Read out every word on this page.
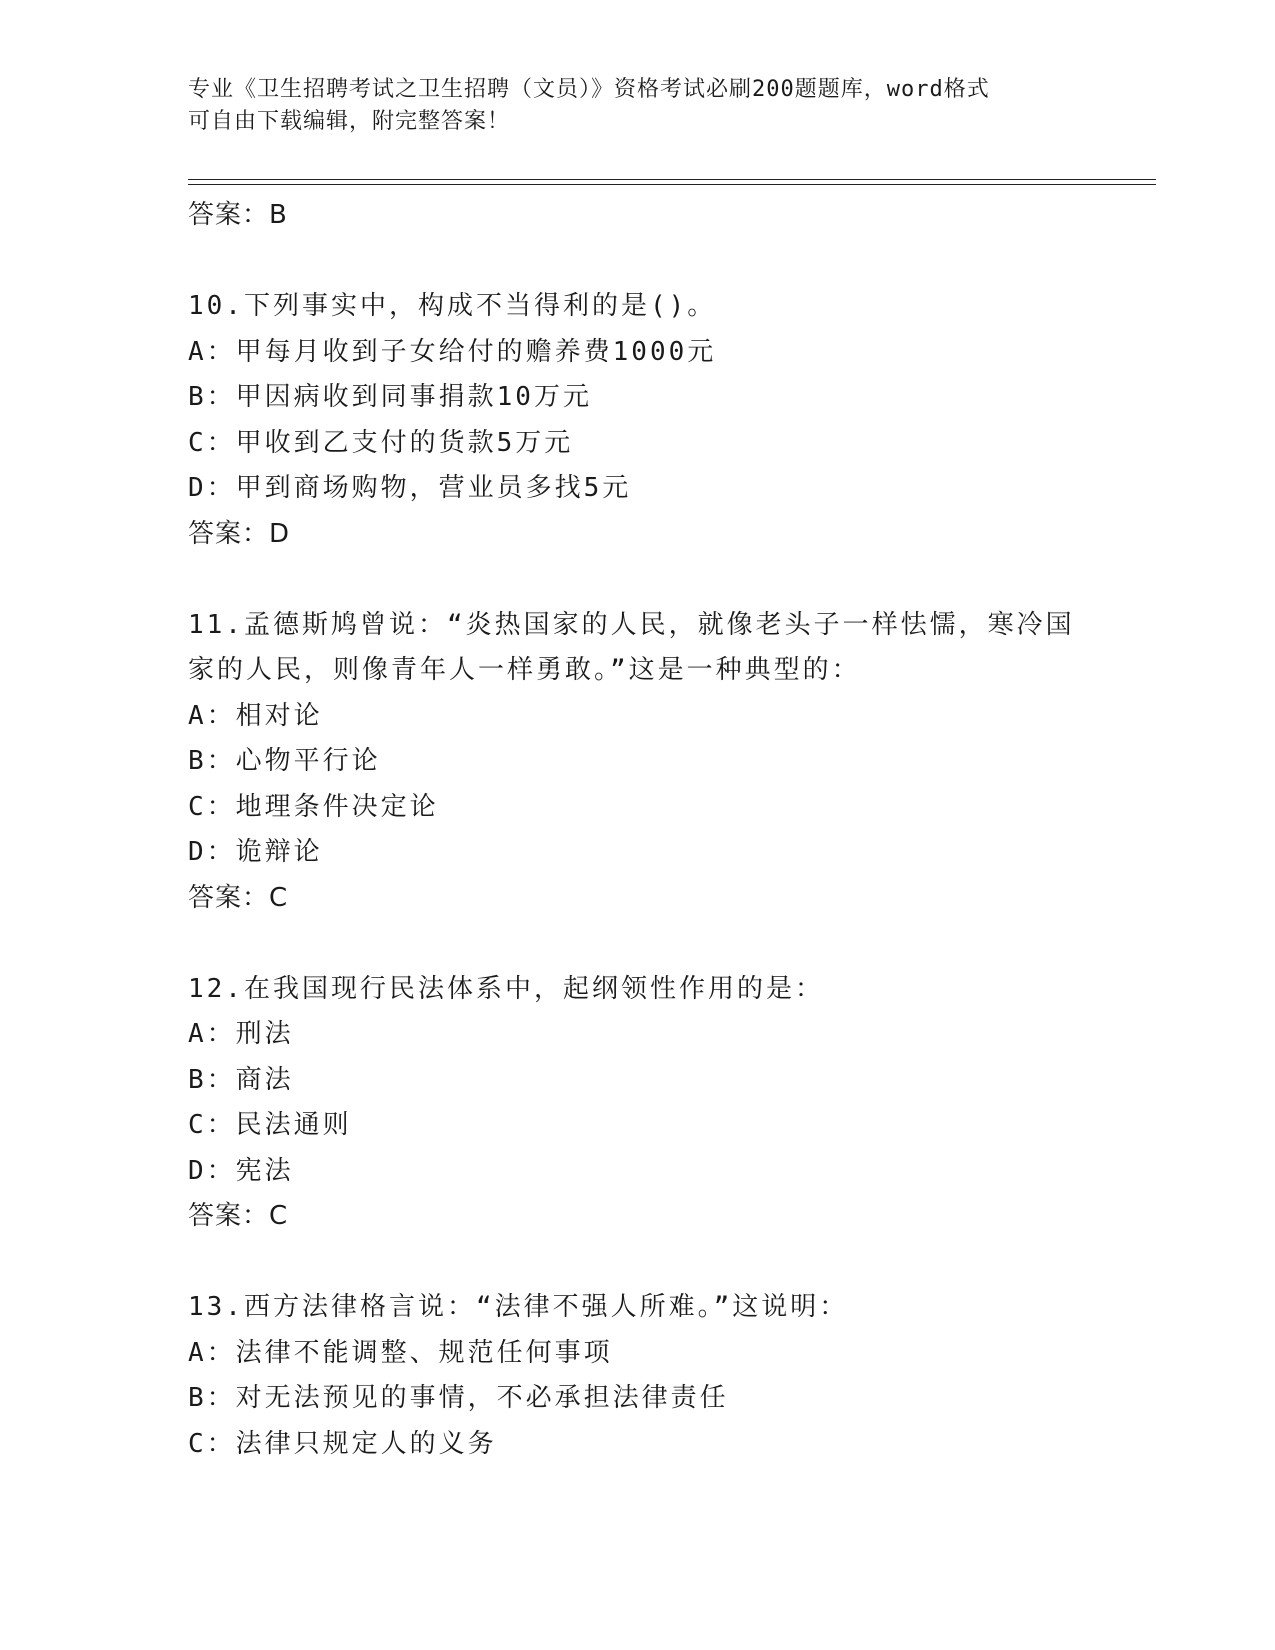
专业《卫生招聘考试之卫生招聘（文员）》资格考试必刷200题题库，word格式
可自由下载编辑，附完整答案！
答案：B
10.下列事实中，构成不当得利的是()。
A：甲每月收到子女给付的赡养费1000元
B：甲因病收到同事捐款10万元
C：甲收到乙支付的货款5万元
D：甲到商场购物，营业员多找5元
答案：D
11.孟德斯鸠曾说：“炎热国家的人民，就像老头子一样怯懦，寒冷国
家的人民，则像青年人一样勇敢。”这是一种典型的：
A：相对论
B：心物平行论
C：地理条件决定论
D：诡辩论
答案：C
12.在我国现行民法体系中，起纲领性作用的是：
A：刑法
B：商法
C：民法通则
D：宪法
答案：C
13.西方法律格言说：“法律不强人所难。”这说明：
A：法律不能调整、规范任何事项
B：对无法预见的事情，不必承担法律责任
C：法律只规定人的义务
